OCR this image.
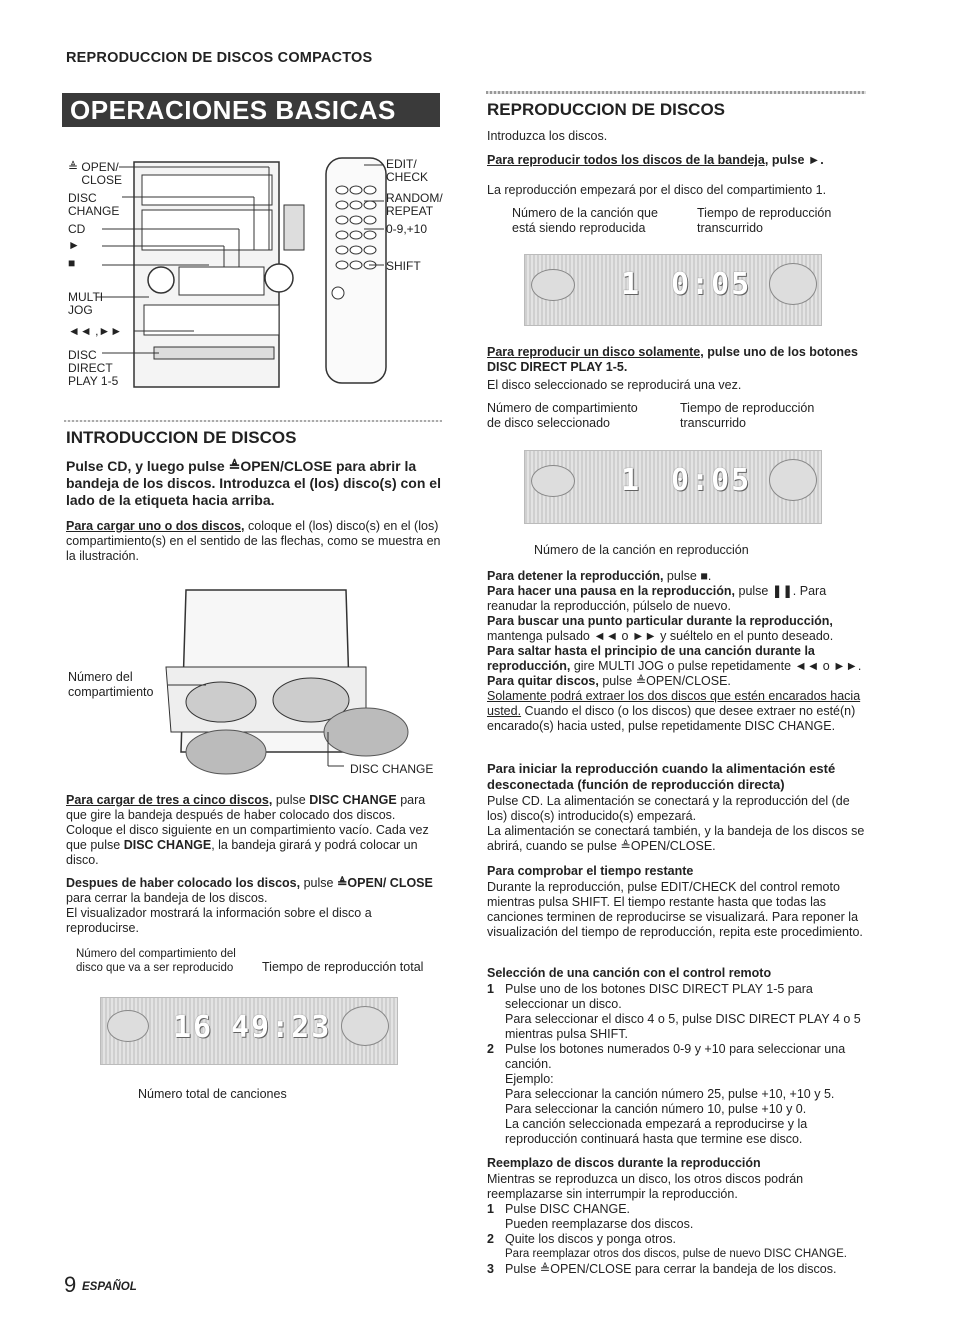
REPRODUCCION DE DISCOS COMPACTOS
OPERACIONES BASICAS
≜ OPEN/
CLOSE
DISC
CHANGE
CD
►
■
MULTI
JOG
◄◄ ,►►
DISC
DIRECT
PLAY 1-5
EDIT/
CHECK
RANDOM/
REPEAT
0-9,+10
SHIFT
INTRODUCCION DE DISCOS
Pulse CD, y luego pulse ≜OPEN/CLOSE para abrir la bandeja de los discos. Introduzca el (los) disco(s) con el lado de la etiqueta hacia arriba.

Para cargar uno o dos discos, coloque el (los) disco(s) en el (los) compartimiento(s) en el sentido de las flechas, como se muestra en la ilustración.

Número del
compartimiento
DISC CHANGE

Para cargar de tres a cinco discos, pulse DISC CHANGE para que gire la bandeja después de haber colocado dos discos. Coloque el disco siguiente en un compartimiento vacío. Cada vez que pulse DISC CHANGE, la bandeja girará y podrá colocar un disco.

Despues de haber colocado los discos, pulse ≜OPEN/ CLOSE para cerrar la bandeja de los discos.
El visualizador mostrará la información sobre el disco a reproducirse.

Número del compartimiento del
disco que va a ser reproducido Tiempo de reproducción total
16 49:23
Número total de canciones
REPRODUCCION DE DISCOS

Introduzca los discos.

Para reproducir todos los discos de la bandeja, pulse ►.

La reproducción empezará por el disco del compartimiento 1.

Número de la canción que
está siendo reproducida
Tiempo de reproducción
transcurrido
1 0:05

Para reproducir un disco solamente, pulse uno de los botones DISC DIRECT PLAY 1-5.

El disco seleccionado se reproducirá una vez.

Número de compartimiento
de disco seleccionado
Tiempo de reproducción
transcurrido
1 0:05
Número de la canción en reproducción

Para detener la reproducción, pulse ■.

Para hacer una pausa en la reproducción, pulse ❚❚. Para reanudar la reproducción, púlselo de nuevo.

Para buscar una punto particular durante la reproducción, mantenga pulsado ◄◄ o ►► y suéltelo en el punto deseado.

Para saltar hasta el principio de una canción durante la reproducción, gire MULTI JOG o pulse repetidamente ◄◄ o ►►.

Para quitar discos, pulse ≜OPEN/CLOSE.

Solamente podrá extraer los dos discos que estén encarados hacia usted. Cuando el disco (o los discos) que desee extraer no esté(n) encarado(s) hacia usted, pulse repetidamente DISC CHANGE.

Para iniciar la reproducción cuando la alimentación esté desconectada (función de reproducción directa)

Pulse CD. La alimentación se conectará y la reproducción del (de los) disco(s) introducido(s) empezará.

La alimentación se conectará también, y la bandeja de los discos se abrirá, cuando se pulse ≜OPEN/CLOSE.

Para comprobar el tiempo restante

Durante la reproducción, pulse EDIT/CHECK del control remoto mientras pulsa SHIFT. El tiempo restante hasta que todas las canciones terminen de reproducirse se visualizará. Para reponer la visualización del tiempo de reproducción, repita este procedimiento.

Selección de una canción con el control remoto

1 Pulse uno de los botones DISC DIRECT PLAY 1-5 para seleccionar un disco.

Para seleccionar el disco 4 o 5, pulse DISC DIRECT PLAY 4 o 5 mientras pulsa SHIFT.

2 Pulse los botones numerados 0-9 y +10 para seleccionar una canción.

Ejemplo:

Para seleccionar la canción número 25, pulse +10, +10 y 5.

Para seleccionar la canción número 10, pulse +10 y 0.

La canción seleccionada empezará a reproducirse y la reproducción continuará hasta que termine ese disco.

Reemplazo de discos durante la reproducción

Mientras se reproduzca un disco, los otros discos podrán reemplazarse sin interrumpir la reproducción.

1 Pulse DISC CHANGE.

Pueden reemplazarse dos discos.

2 Quite los discos y ponga otros.

Para reemplazar otros dos discos, pulse de nuevo DISC CHANGE.

3 Pulse ≜OPEN/CLOSE para cerrar la bandeja de los discos.

9 ESPAÑOL
